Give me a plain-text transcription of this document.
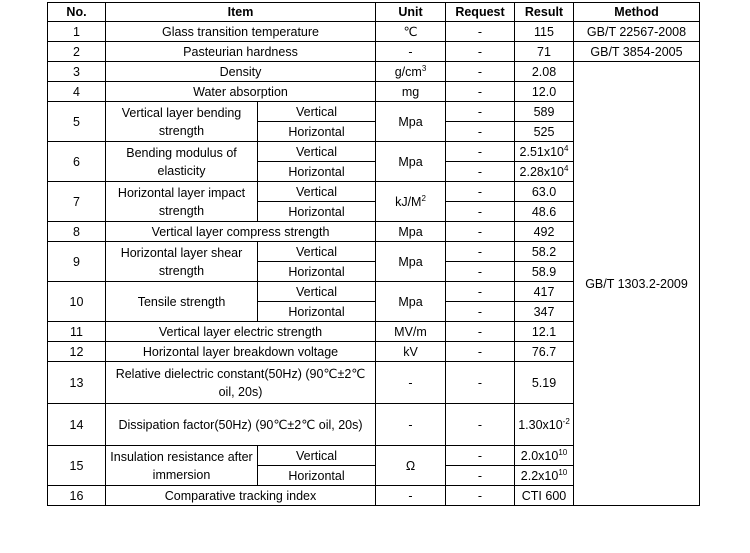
No.	Item		Unit	Request	Result	Method
1	Glass transition temperature		℃	-	115	GB/T 22567-2008
2	Pasteurian hardness		-	-	71	GB/T 3854-2005
3	Density		$g/cm^3$	-	2.08	GB/T 1303.2-2009
4	Water absorption		mg	-	12.0	
5	Vertical layer bending strength	Vertical	Mpa	-	589	
		Horizontal		-	525	
6	Bending modulus of elasticity	Vertical	Mpa	-	$2.51x10^4$
		Horizontal		-	$2.28x10^4$
7	Horizontal layer impact strength	Vertical	$kJ/M^2$	-	63.0	
		Horizontal		-	48.6	
8	Vertical layer compress strength		Mpa	-	492	
9	Horizontal layer shear strength	Vertical	Mpa	-	58.2	
		Horizontal		-	58.9	
10	Tensile strength	Vertical	Mpa	-	417	
		Horizontal		-	347	
11	Vertical layer electric strength		MV/m	-	12.1	
12	Horizontal layer breakdown voltage		kV	-	76.7	
13	Relative dielectric constant(50Hz) (90℃±2℃ oil, 20s)		-	-	5.19	
14	Dissipation factor(50Hz) (90℃±2℃ oil, 20s)		-	-	$1.30x10^{-2}$
15	Insulation resistance after immersion	Vertical	Ω	-	$2.0x10^{10}$
		Horizontal		-	$2.2x10^{10}$
16	Comparative tracking index		-	-	CTI 600	
